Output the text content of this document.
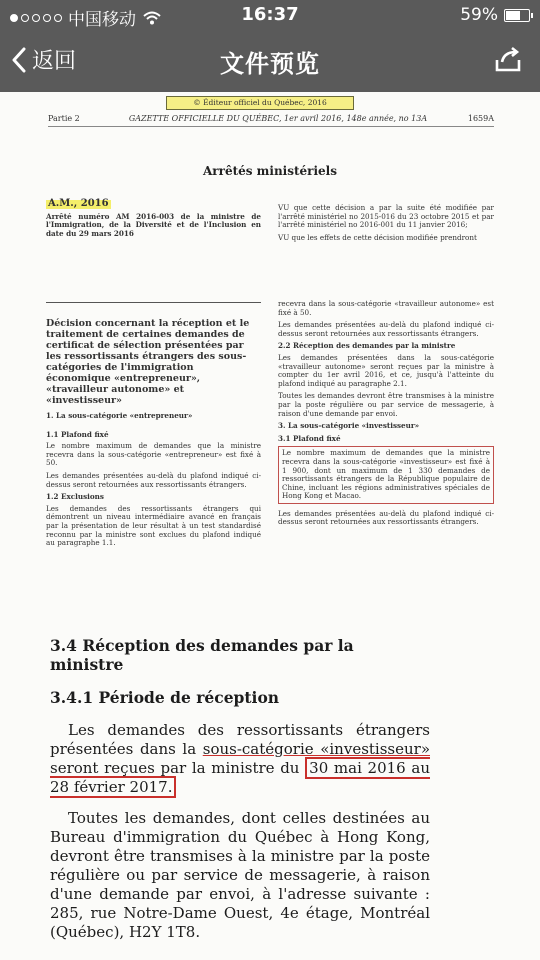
中国移动	16:37	59%
返回	文件预览
© Éditeur officiel du Québec, 2016
Partie 2	GAZETTE OFFICIELLE DU QUÉBEC, 1er avril 2016, 148e année, no 13A	1659A
Arrêtés ministériels
A.M., 2016

Arrêté numéro AM 2016-003 de la ministre de l'Immigration, de la Diversité et de l'Inclusion en date du 29 mars 2016

VU que cette décision a par la suite été modifiée par l'arrêté ministériel no 2015-016 du 23 octobre 2015 et par l'arrêté ministériel no 2016-001 du 11 janvier 2016;

VU que les effets de cette décision modifiée prendront

Décision concernant la réception et le traitement de certaines demandes de certificat de sélection présentées par les ressortissants étrangers des sous-catégories de l'immigration économique «entrepreneur», «travailleur autonome» et «investisseur»
1. La sous-catégorie «entrepreneur»
1.1 Plafond fixé

Le nombre maximum de demandes que la ministre recevra dans la sous-catégorie «entrepreneur» est fixé à 50.

Les demandes présentées au-delà du plafond indiqué ci-dessus seront retournées aux ressortissants étrangers.

1.2 Exclusions

Les demandes des ressortissants étrangers qui démontrent un niveau intermédiaire avancé en français par la présentation de leur résultat à un test standardisé reconnu par la ministre sont exclues du plafond indiqué au paragraphe 1.1.

recevra dans la sous-catégorie «travailleur autonome» est fixé à 50.

Les demandes présentées au-delà du plafond indiqué ci-dessus seront retournées aux ressortissants étrangers.

2.2 Réception des demandes par la ministre

Les demandes présentées dans la sous-catégorie «travailleur autonome» seront reçues par la ministre à compter du 1er avril 2016, et ce, jusqu'à l'atteinte du plafond indiqué au paragraphe 2.1.

Toutes les demandes devront être transmises à la ministre par la poste régulière ou par service de messagerie, à raison d'une demande par envoi.

3. La sous-catégorie «investisseur»
3.1 Plafond fixé

Le nombre maximum de demandes que la ministre recevra dans la sous-catégorie «investisseur» est fixé à 1 900, dont un maximum de 1 330 demandes de ressortissants étrangers de la République populaire de Chine, incluant les régions administratives spéciales de Hong Kong et Macao.

Les demandes présentées au-delà du plafond indiqué ci-dessus seront retournées aux ressortissants étrangers.

3.4 Réception des demandes par la ministre
3.4.1 Période de réception

Les demandes des ressortissants étrangers présentées dans la sous-catégorie «investisseur» seront reçues par la ministre du 30 mai 2016 au 28 février 2017.

Toutes les demandes, dont celles destinées au Bureau d'immigration du Québec à Hong Kong, devront être transmises à la ministre par la poste régulière ou par service de messagerie, à raison d'une demande par envoi, à l'adresse suivante : 285, rue Notre-Dame Ouest, 4e étage, Montréal (Québec), H2Y 1T8.
